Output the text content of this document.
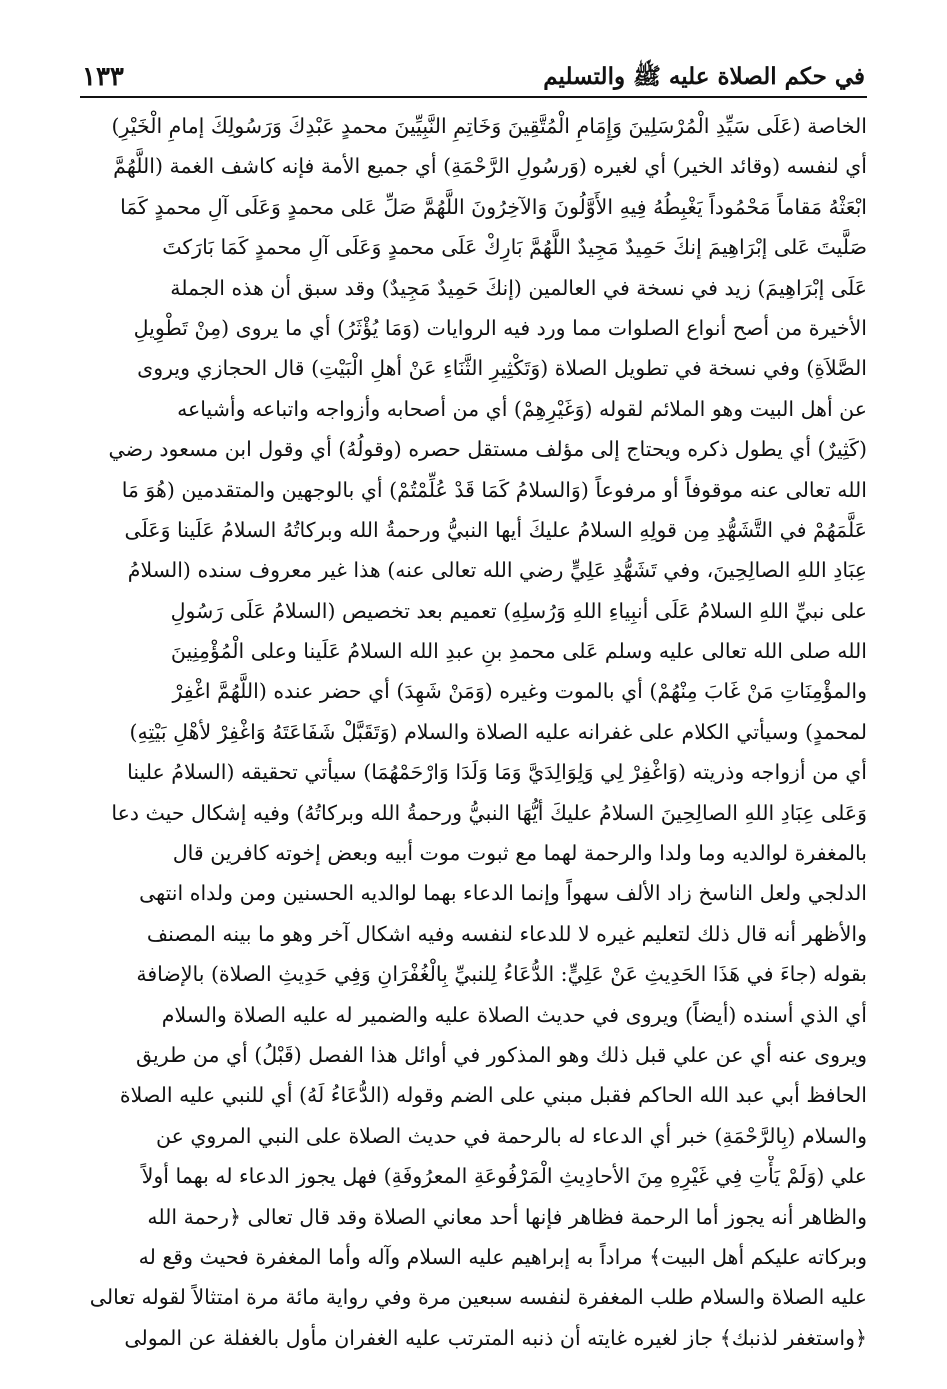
في حكم الصلاة عليه ﷺ والتسليم
١٣٣
الخاصة (عَلَى سَيِّدِ الْمُرْسَلِينَ وَإِمَامِ الْمُتَّقِينَ وَخَاتِمِ النَّبِيِّينَ محمدٍ عَبْدِكَ وَرَسُولِكَ إمامِ الْخَيْرِ)
أي لنفسه (وقائد الخير) أي لغيره (وَرسُولِ الرَّحْمَةِ) أي جميع الأمة فإنه كاشف الغمة (اللَّهُمَّ
ابْعَثْهُ مَقاماً مَحْمُوداً يَغْبِطُهُ فِيهِ الأَوَّلُونَ وَالآخِرُونَ اللَّهُمَّ صَلِّ عَلى محمدٍ وَعَلَى آلِ محمدٍ كَمَا
صَلَّيتَ عَلى إبْرَاهِيمَ إنكَ حَمِيدٌ مَجِيدٌ اللَّهُمَّ بَارِكْ عَلَى محمدٍ وَعَلَى آلِ محمدٍ كَمَا بَارَكتَ
عَلَى إبْرَاهِيمَ) زيد في نسخة في العالمين (إنكَ حَمِيدٌ مَجِيدٌ) وقد سبق أن هذه الجملة
الأخيرة من أصح أنواع الصلوات مما ورد فيه الروايات (وَمَا يُؤْثَرُ) أي ما يروى (مِنْ تَطْوِيلِ
الصَّلاَةِ) وفي نسخة في تطويل الصلاة (وَتَكْثِيرِ الثَّنَاءِ عَنْ أهلِ الْبَيْتِ) قال الحجازي ويروى
عن أهل البيت وهو الملائم لقوله (وَغَيْرِهِمْ) أي من أصحابه وأزواجه واتباعه وأشياعه
(كَثِيرٌ) أي يطول ذكره ويحتاج إلى مؤلف مستقل حصره (وقولُهُ) أي وقول ابن مسعود رضي
الله تعالى عنه موقوفاً أو مرفوعاً (وَالسلامُ كَمَا قَدْ عُلِّمْتُمْ) أي بالوجهين والمتقدمين (هُوَ مَا
عَلَّمَهُمْ في التَّشَهُّدِ مِن قولِهِ السلامُ عليكَ أيها النبيُّ ورحمةُ الله وبركاتُهُ السلامُ عَلَينا وَعَلَى
عِبَادِ اللهِ الصالِحِينَ، وفي تَشَهُّدِ عَلِيٍّ رضي الله تعالى عنه) هذا غير معروف سنده (السلامُ
على نبيِّ اللهِ السلامُ عَلَى أنبِياءِ اللهِ وَرُسلِهِ) تعميم بعد تخصيص (السلامُ عَلَى رَسُولِ
الله صلى الله تعالى عليه وسلم عَلى محمدِ بنِ عبدِ الله السلامُ عَلَينا وعلى الْمُؤْمِنِينَ
والمؤْمِنَاتِ مَنْ غَابَ مِنْهُمْ) أي بالموت وغيره (وَمَنْ شَهِدَ) أي حضر عنده (اللَّهُمَّ اغْفِرْ
لمحمدٍ) وسيأتي الكلام على غفرانه عليه الصلاة والسلام (وَتَقَبَّلْ شَفَاعَتَهُ وَاغْفِرْ لأهْلِ بَيْتِهِ)
أي من أزواجه وذريته (وَاغْفِرْ لِي وَلِوَالِدَيَّ وَمَا وَلَدَا وَارْحَمْهُمَا) سيأتي تحقيقه (السلامُ علينا
وَعَلى عِبَادِ اللهِ الصالِحِينَ السلامُ عليكَ أيُّهَا النبيُّ ورحمةُ الله وبركاتُهُ) وفيه إشكال حيث دعا
بالمغفرة لوالديه وما ولدا والرحمة لهما مع ثبوت موت أبيه وبعض إخوته كافرين قال
الدلجي ولعل الناسخ زاد الألف سهواً وإنما الدعاء بهما لوالديه الحسنين ومن ولداه انتهى
والأظهر أنه قال ذلك لتعليم غيره لا للدعاء لنفسه وفيه اشكال آخر وهو ما بينه المصنف
بقوله (جاءَ في هَذَا الحَدِيثِ عَنْ عَلِيٍّ: الدُّعَاءُ لِلنبيِّ بِالْغُفْرَانِ وَفِي حَدِيثِ الصلاة) بالإضافة
أي الذي أسنده (أيضاً) ويروى في حديث الصلاة عليه والضمير له عليه الصلاة والسلام
ويروى عنه أي عن علي قبل ذلك وهو المذكور في أوائل هذا الفصل (قَبْلُ) أي من طريق
الحافظ أبي عبد الله الحاكم فقبل مبني على الضم وقوله (الدُّعَاءُ لَهُ) أي للنبي عليه الصلاة
والسلام (بِالرَّحْمَةِ) خبر أي الدعاء له بالرحمة في حديث الصلاة على النبي المروي عن
علي (وَلَمْ يَأْتِ فِي غَيْرِهِ مِنَ الأحادِيثِ الْمَرْفُوعَةِ المعرُوفَةِ) فهل يجوز الدعاء له بهما أولاً
والظاهر أنه يجوز أما الرحمة فظاهر فإنها أحد معاني الصلاة وقد قال تعالى ﴿رحمة الله
وبركاته عليكم أهل البيت﴾ مراداً به إبراهيم عليه السلام وآله وأما المغفرة فحيث وقع له
عليه الصلاة والسلام طلب المغفرة لنفسه سبعين مرة وفي رواية مائة مرة امتثالاً لقوله تعالى
﴿واستغفر لذنبك﴾ جاز لغيره غايته أن ذنبه المترتب عليه الغفران مأول بالغفلة عن المولى
